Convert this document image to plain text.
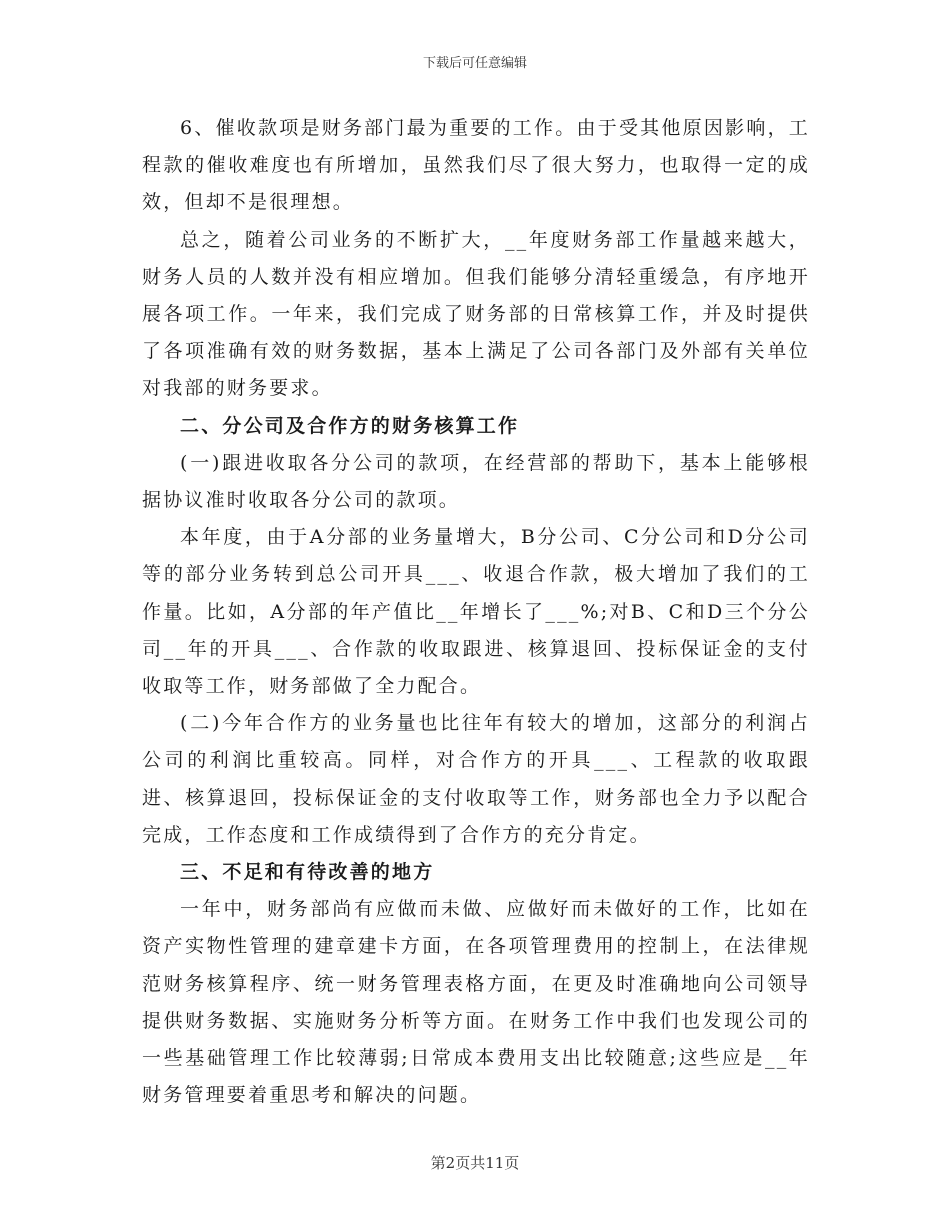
下载后可任意编辑

6、催收款项是财务部门最为重要的工作。由于受其他原因影响，工程款的催收难度也有所增加，虽然我们尽了很大努力，也取得一定的成效，但却不是很理想。

总之，随着公司业务的不断扩大，__年度财务部工作量越来越大，财务人员的人数并没有相应增加。但我们能够分清轻重缓急，有序地开展各项工作。一年来，我们完成了财务部的日常核算工作，并及时提供了各项准确有效的财务数据，基本上满足了公司各部门及外部有关单位对我部的财务要求。

二、分公司及合作方的财务核算工作

(一)跟进收取各分公司的款项，在经营部的帮助下，基本上能够根据协议准时收取各分公司的款项。

本年度，由于A分部的业务量增大，B分公司、C分公司和D分公司等的部分业务转到总公司开具___、收退合作款，极大增加了我们的工作量。比如，A分部的年产值比__年增长了___%;对B、C和D三个分公司__年的开具___、合作款的收取跟进、核算退回、投标保证金的支付收取等工作，财务部做了全力配合。

(二)今年合作方的业务量也比往年有较大的增加，这部分的利润占公司的利润比重较高。同样，对合作方的开具___、工程款的收取跟进、核算退回，投标保证金的支付收取等工作，财务部也全力予以配合完成，工作态度和工作成绩得到了合作方的充分肯定。

三、不足和有待改善的地方

一年中，财务部尚有应做而未做、应做好而未做好的工作，比如在资产实物性管理的建章建卡方面，在各项管理费用的控制上，在法律规范财务核算程序、统一财务管理表格方面，在更及时准确地向公司领导提供财务数据、实施财务分析等方面。在财务工作中我们也发现公司的一些基础管理工作比较薄弱;日常成本费用支出比较随意;这些应是__年财务管理要着重思考和解决的问题。

第2页共11页
